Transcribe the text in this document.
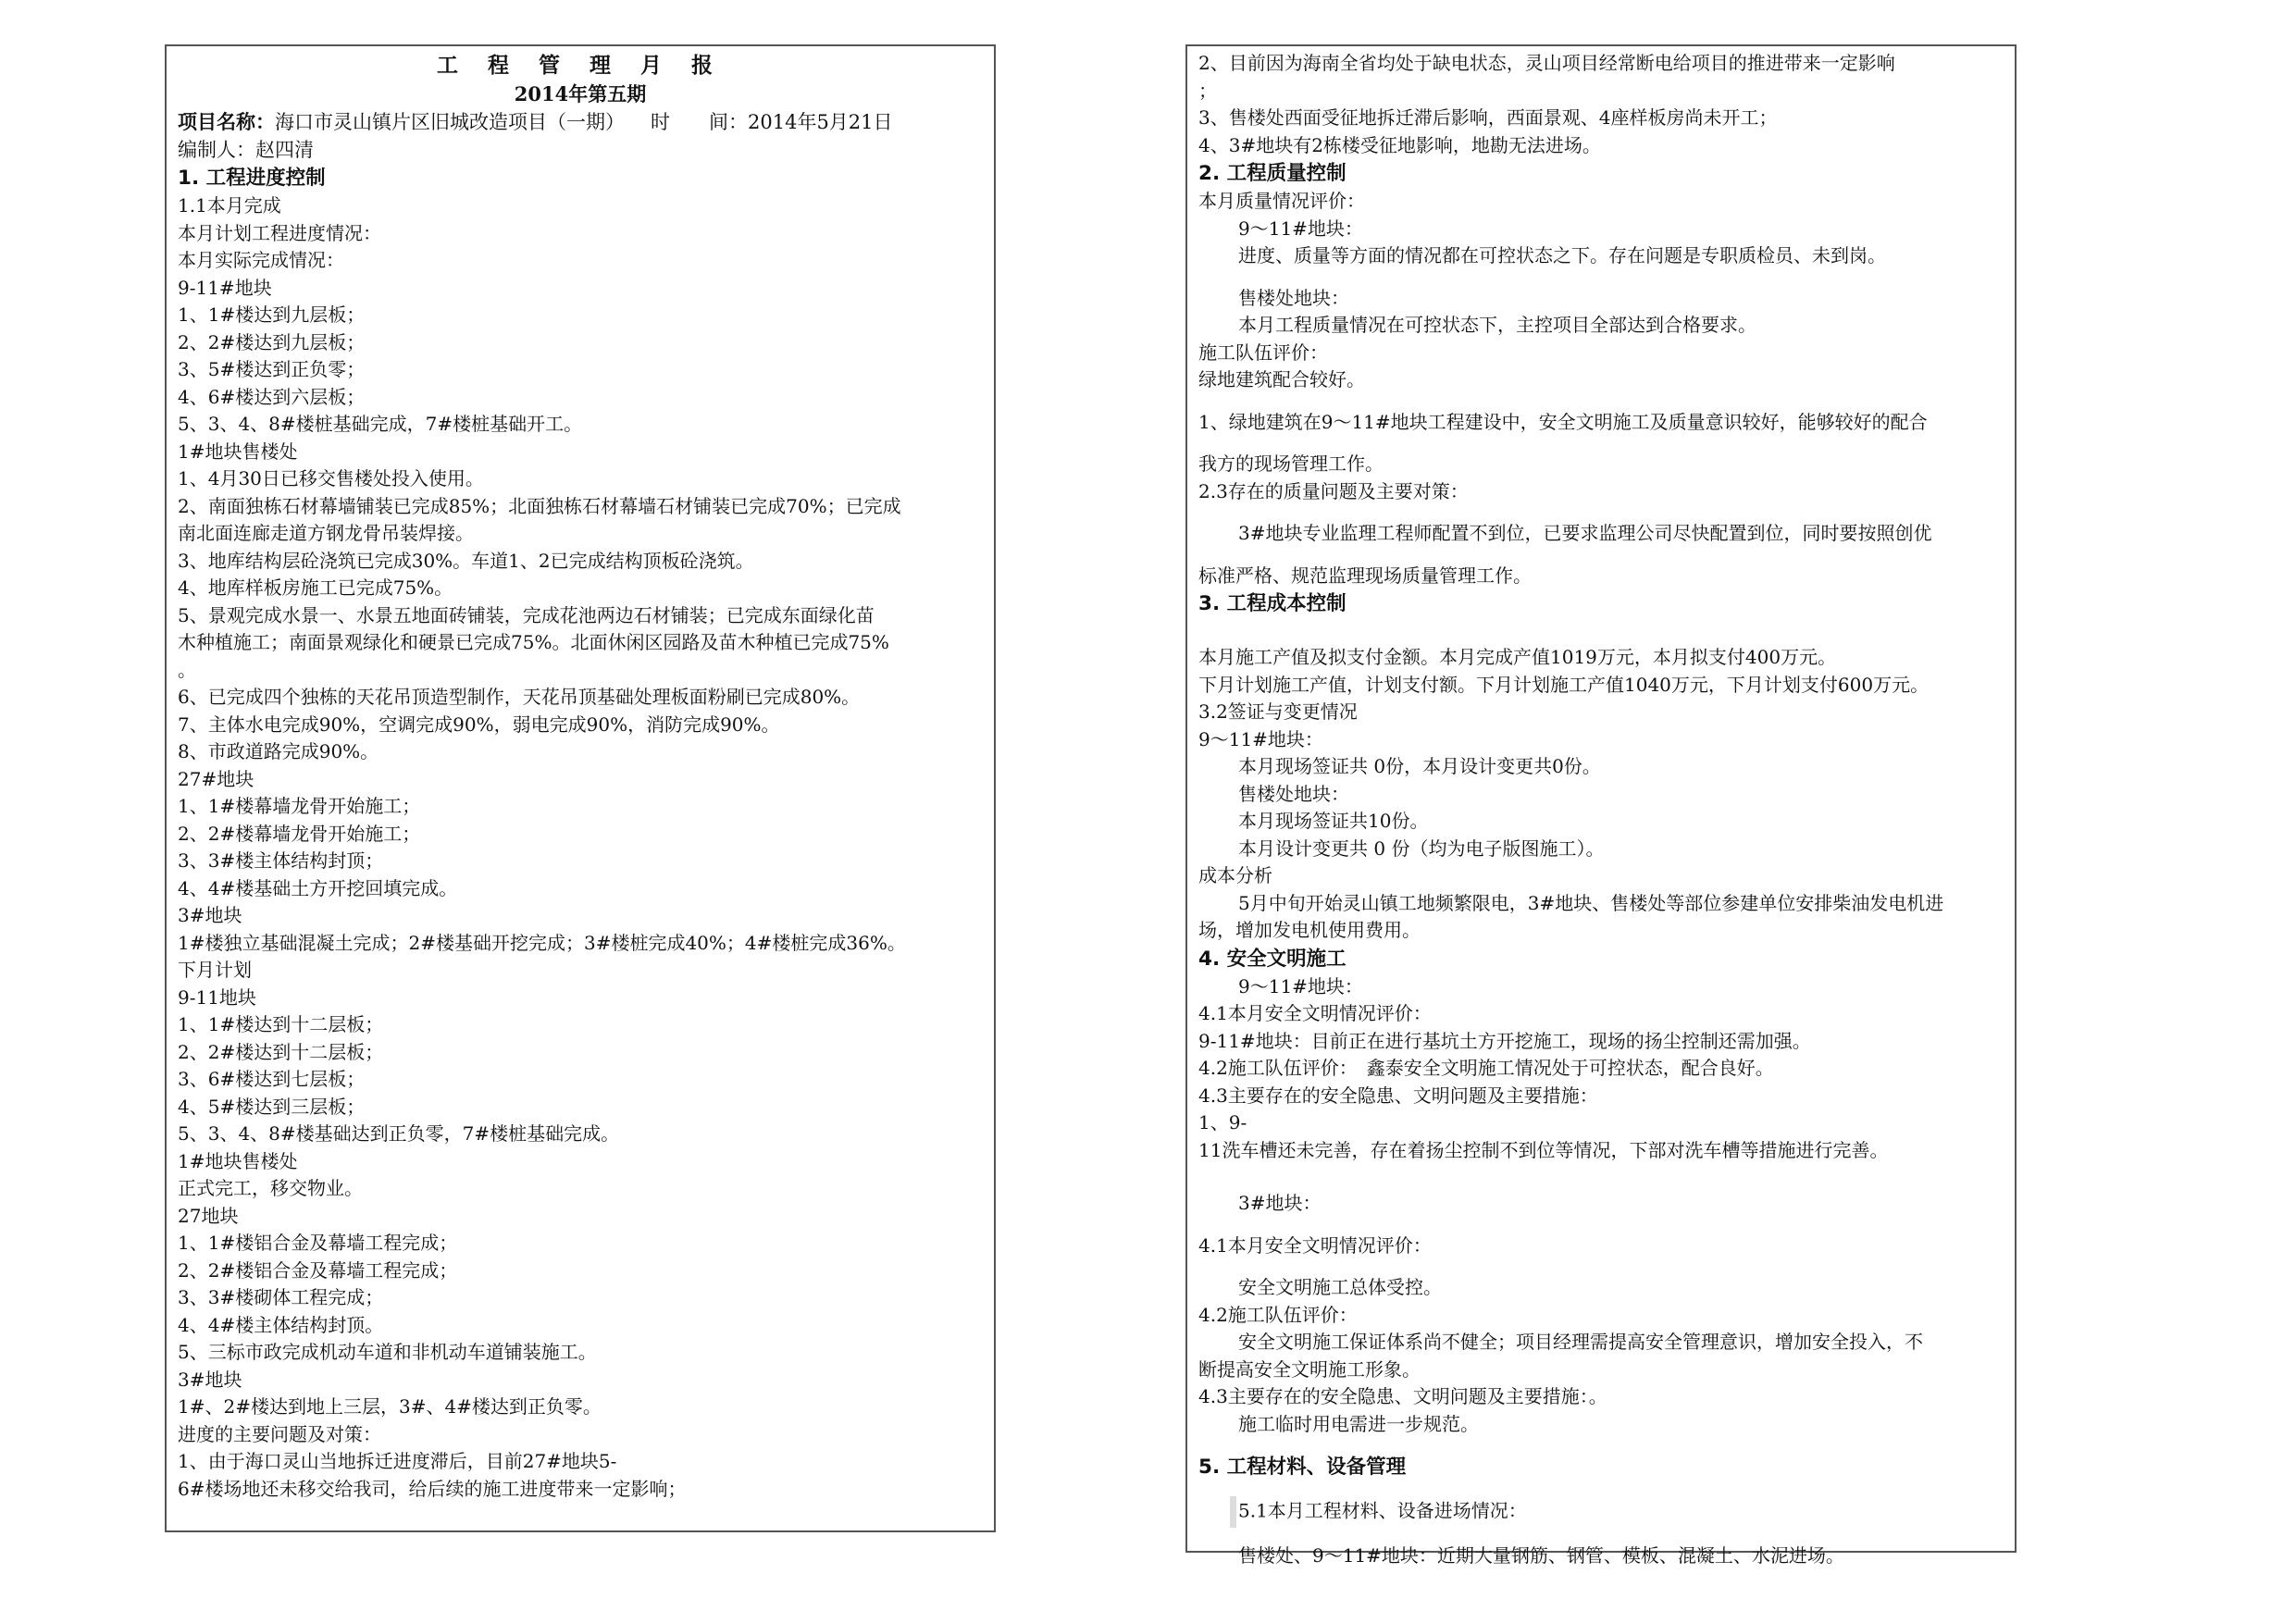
工 程 管 理 月 报
2014年第五期
项目名称：海口市灵山镇片区旧城改造项目（一期） 时　　间：2014年5月21日
编制人：赵四清
1. 工程进度控制
1.1本月完成
本月计划工程进度情况：
本月实际完成情况：
9-11#地块
1、1#楼达到九层板；
2、2#楼达到九层板；
3、5#楼达到正负零；
4、6#楼达到六层板；
5、3、4、8#楼桩基础完成，7#楼桩基础开工。
1#地块售楼处
1、4月30日已移交售楼处投入使用。
2、南面独栋石材幕墙铺装已完成85%；北面独栋石材幕墙石材铺装已完成70%；已完成
南北面连廊走道方钢龙骨吊装焊接。
3、地库结构层砼浇筑已完成30%。车道1、2已完成结构顶板砼浇筑。
4、地库样板房施工已完成75%。
5、景观完成水景一、水景五地面砖铺装，完成花池两边石材铺装；已完成东面绿化苗
木种植施工；南面景观绿化和硬景已完成75%。北面休闲区园路及苗木种植已完成75%
。
6、已完成四个独栋的天花吊顶造型制作，天花吊顶基础处理板面粉刷已完成80%。
7、主体水电完成90%，空调完成90%，弱电完成90%，消防完成90%。
8、市政道路完成90%。
27#地块
1、1#楼幕墙龙骨开始施工；
2、2#楼幕墙龙骨开始施工；
3、3#楼主体结构封顶；
4、4#楼基础土方开挖回填完成。
3#地块
1#楼独立基础混凝土完成；2#楼基础开挖完成；3#楼桩完成40%；4#楼桩完成36%。
下月计划
9-11地块
1、1#楼达到十二层板；
2、2#楼达到十二层板；
3、6#楼达到七层板；
4、5#楼达到三层板；
5、3、4、8#楼基础达到正负零，7#楼桩基础完成。
1#地块售楼处
正式完工，移交物业。
27地块
1、1#楼铝合金及幕墙工程完成；
2、2#楼铝合金及幕墙工程完成；
3、3#楼砌体工程完成；
4、4#楼主体结构封顶。
5、三标市政完成机动车道和非机动车道铺装施工。
3#地块
1#、2#楼达到地上三层，3#、4#楼达到正负零。
进度的主要问题及对策：
1、由于海口灵山当地拆迁进度滞后，目前27#地块5-
6#楼场地还未移交给我司，给后续的施工进度带来一定影响；
2、目前因为海南全省均处于缺电状态，灵山项目经常断电给项目的推进带来一定影响
；
3、售楼处西面受征地拆迁滞后影响，西面景观、4座样板房尚未开工；
4、3#地块有2栋楼受征地影响，地勘无法进场。
2. 工程质量控制
本月质量情况评价：
9～11#地块：
进度、质量等方面的情况都在可控状态之下。存在问题是专职质检员、未到岗。
售楼处地块：
本月工程质量情况在可控状态下，主控项目全部达到合格要求。
施工队伍评价：
绿地建筑配合较好。
1、绿地建筑在9～11#地块工程建设中，安全文明施工及质量意识较好，能够较好的配合
我方的现场管理工作。
2.3存在的质量问题及主要对策：
3#地块专业监理工程师配置不到位，已要求监理公司尽快配置到位，同时要按照创优
标准严格、规范监理现场质量管理工作。
3. 工程成本控制
本月施工产值及拟支付金额。本月完成产值1019万元，本月拟支付400万元。
下月计划施工产值，计划支付额。下月计划施工产值1040万元，下月计划支付600万元。
3.2签证与变更情况
9～11#地块：
本月现场签证共 0份，本月设计变更共0份。
售楼处地块：
本月现场签证共10份。
本月设计变更共 0 份（均为电子版图施工）。
成本分析
5月中旬开始灵山镇工地频繁限电，3#地块、售楼处等部位参建单位安排柴油发电机进
场，增加发电机使用费用。
4. 安全文明施工
9～11#地块：
4.1本月安全文明情况评价：
9-11#地块：目前正在进行基坑土方开挖施工，现场的扬尘控制还需加强。
4.2施工队伍评价：　鑫泰安全文明施工情况处于可控状态，配合良好。
4.3主要存在的安全隐患、文明问题及主要措施：
1、9-
11洗车槽还未完善，存在着扬尘控制不到位等情况，下部对洗车槽等措施进行完善。
3#地块：
4.1本月安全文明情况评价：
安全文明施工总体受控。
4.2施工队伍评价：
安全文明施工保证体系尚不健全；项目经理需提高安全管理意识，增加安全投入，不
断提高安全文明施工形象。
4.3主要存在的安全隐患、文明问题及主要措施：。
施工临时用电需进一步规范。
5. 工程材料、设备管理
5.1本月工程材料、设备进场情况：
售楼处、9～11#地块：近期大量钢筋、钢管、模板、混凝土、水泥进场。
